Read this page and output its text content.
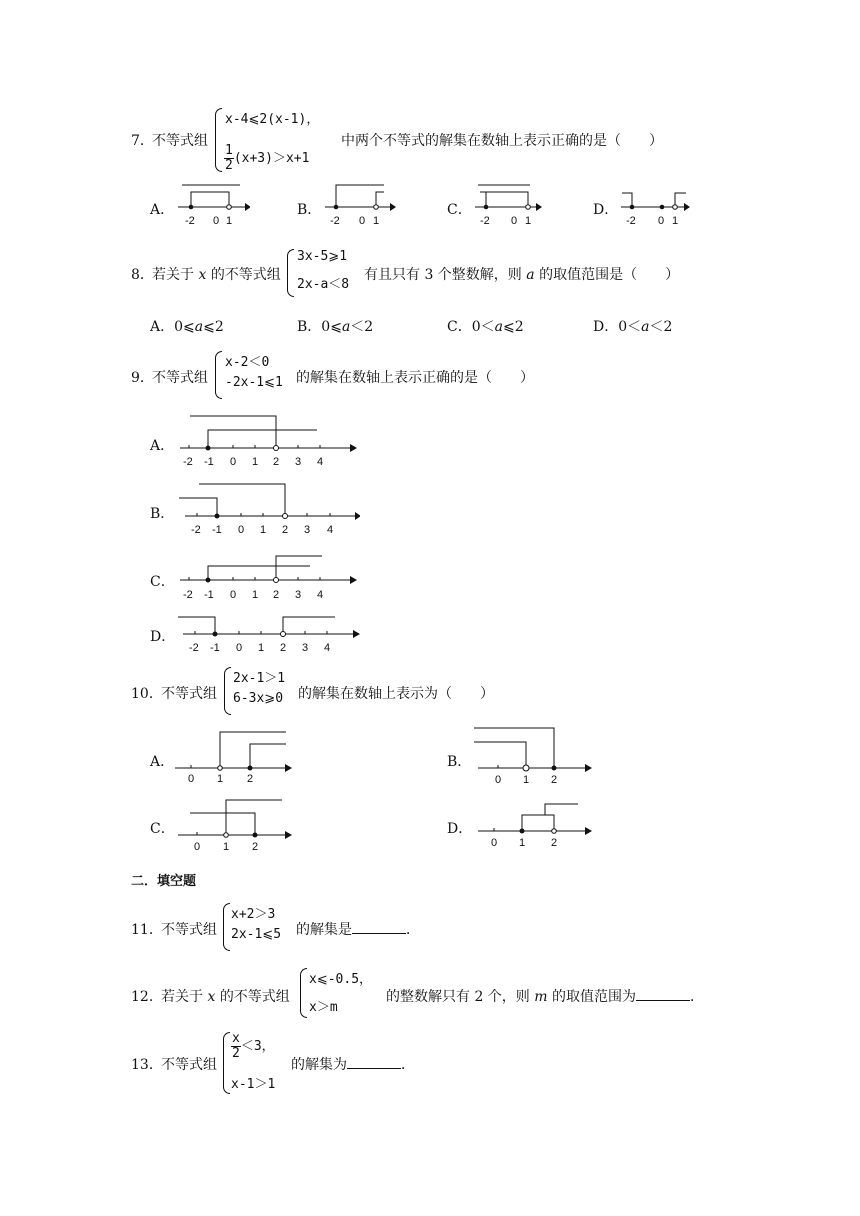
7．
不等式组
x-4⩽2(x-1)，
$\frac{1}{2} (x+3)>x+1$
中两个不等式的解集在数轴上表示正确的是（　　）
A．
-2 0 1
B．
-2 0 1
C．
-2 0 1
D．
-2 0 1
8．
若关于 x 的不等式组
3x-5⩾1
2x-a＜8
有且只有 3 个整数解，则 a 的取值范围是（　　）
A．0⩽a⩽2	B．0⩽a＜2	C．0＜a⩽2	D．0＜a＜2
9．
不等式组
x-2＜0
-2x-1⩽1 的解集在数轴上表示正确的是（　　）
A．
-2 -1 0 1 2 3 4
B．
-2 -1 0 1 2 3 4
C．
-2 -1 0 1 2 3 4
D．
-2 -1 0 1 2 3 4
10．
不等式组
2x-1＞1
6-3x⩾0 的解集在数轴上表示为（　　）
A．
0 1 2
B．
0 1 2
C．
0 1 2
D．
0 1 2
二．填空题
11．
不等式组
x+2＞3
2x-1⩽5 的解集是	．
12．
若关于 x 的不等式组
x⩽-0.5，
x＞m
的整数解只有 2 个，则 m 的取值范围为	．
13．
不等式组
$\frac{x}{2} <3$，
x-1＞1
的解集为	．
